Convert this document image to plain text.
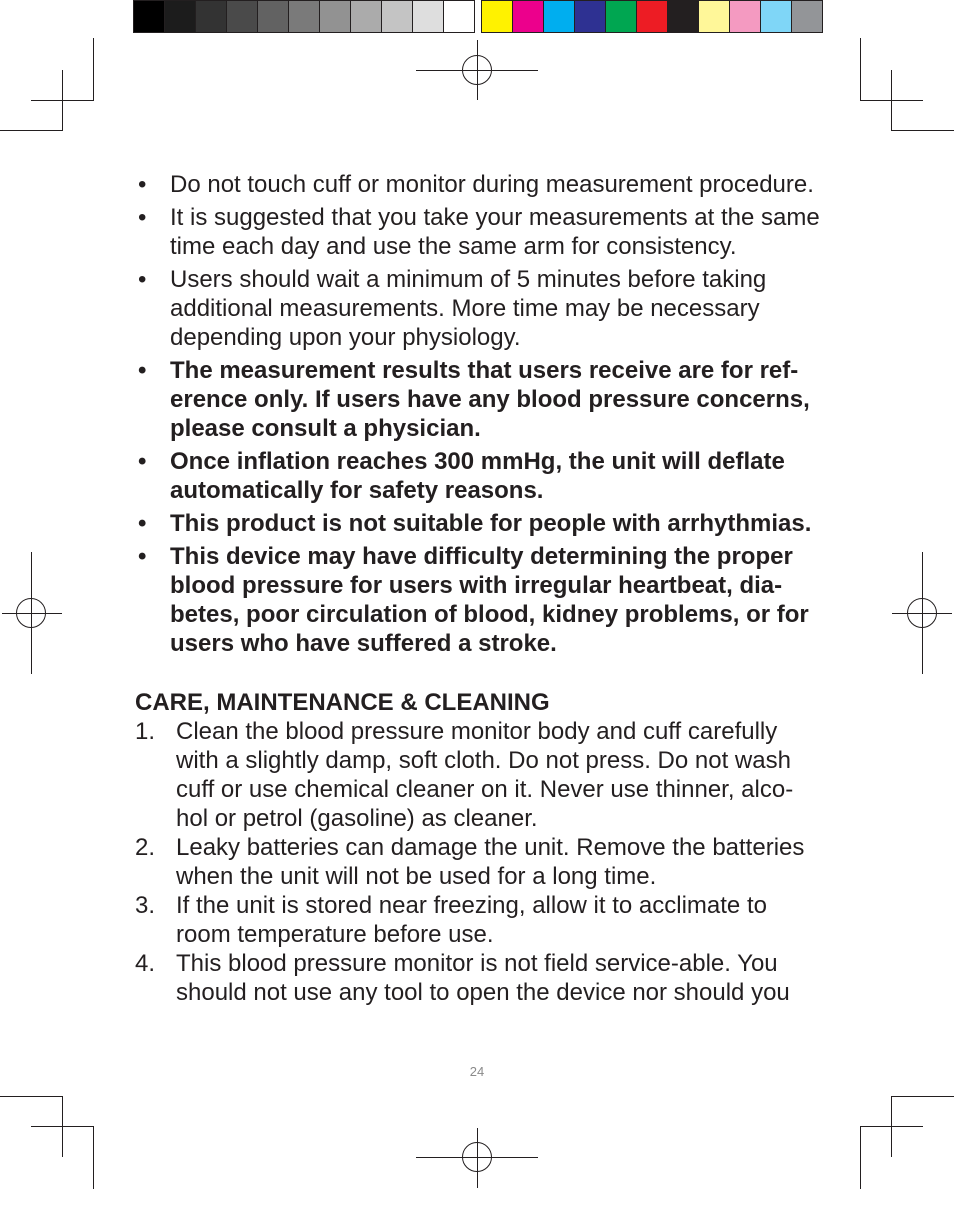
• Do not touch cuff or monitor during measurement procedure.
• It is suggested that you take your measurements at the same time each day and use the same arm for consistency.
• Users should wait a minimum of 5 minutes before taking additional measurements. More time may be necessary depending upon your physiology.
• The measurement results that users receive are for ref-erence only. If users have any blood pressure concerns, please consult a physician.
• Once inflation reaches 300 mmHg, the unit will deflate automatically for safety reasons.
• This product is not suitable for people with arrhythmias.
• This device may have difficulty determining the proper blood pressure for users with irregular heartbeat, dia-betes, poor circulation of blood, kidney problems, or for users who have suffered a stroke.
CARE, MAINTENANCE & CLEANING
1. Clean the blood pressure monitor body and cuff carefully with a slightly damp, soft cloth. Do not press. Do not wash cuff or use chemical cleaner on it. Never use thinner, alco-hol or petrol (gasoline) as cleaner.
2. Leaky batteries can damage the unit. Remove the batteries when the unit will not be used for a long time.
3. If the unit is stored near freezing, allow it to acclimate to room temperature before use.
4. This blood pressure monitor is not field service-able. You should not use any tool to open the device nor should you
24
